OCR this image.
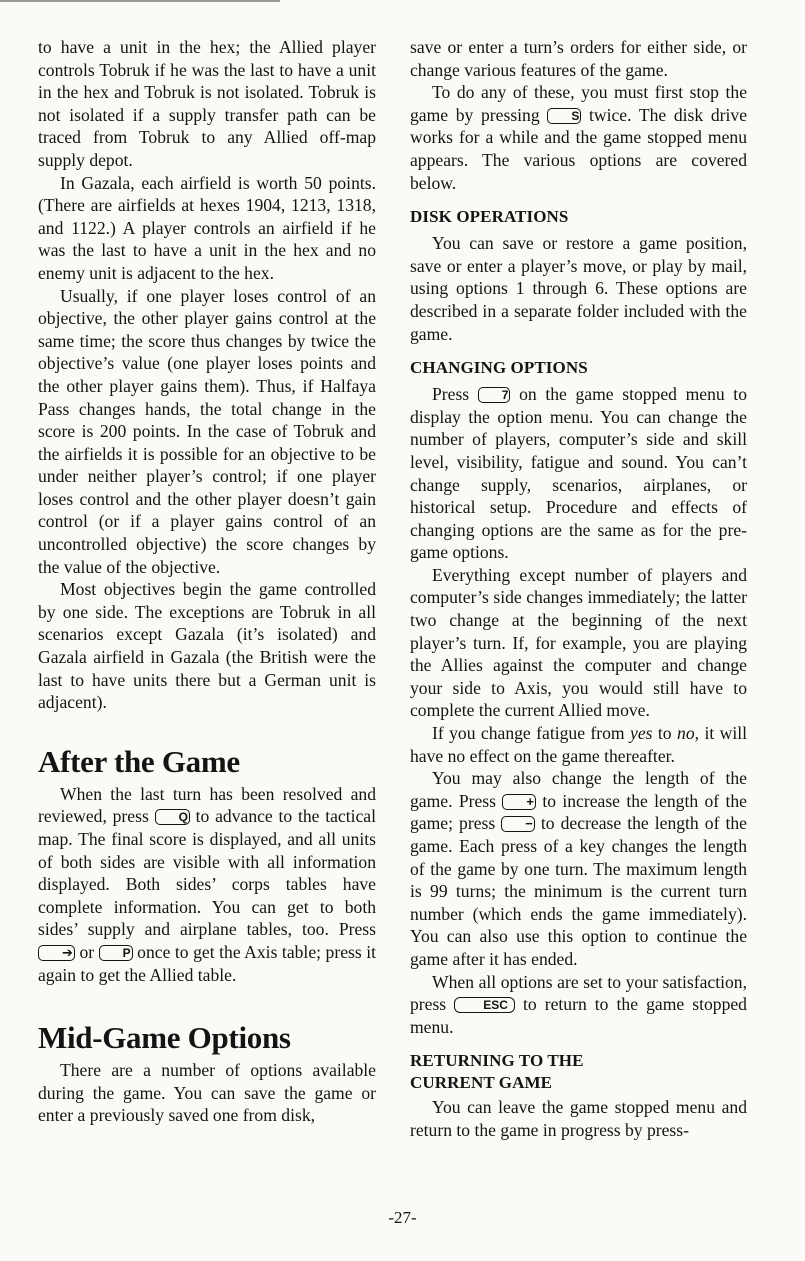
to have a unit in the hex; the Allied player controls Tobruk if he was the last to have a unit in the hex and Tobruk is not isolated. Tobruk is not isolated if a supply transfer path can be traced from Tobruk to any Allied off-map supply depot.

In Gazala, each airfield is worth 50 points. (There are airfields at hexes 1904, 1213, 1318, and 1122.) A player controls an airfield if he was the last to have a unit in the hex and no enemy unit is adjacent to the hex.

Usually, if one player loses control of an objective, the other player gains control at the same time; the score thus changes by twice the objective’s value (one player loses points and the other player gains them). Thus, if Halfaya Pass changes hands, the total change in the score is 200 points. In the case of Tobruk and the airfields it is possible for an objective to be under neither player’s control; if one player loses control and the other player doesn’t gain control (or if a player gains control of an uncontrolled objective) the score changes by the value of the objective.

Most objectives begin the game controlled by one side. The exceptions are Tobruk in all scenarios except Gazala (it’s isolated) and Gazala airfield in Gazala (the British were the last to have units there but a German unit is adjacent).

After the Game

When the last turn has been resolved and reviewed, press Q to advance to the tactical map. The final score is displayed, and all units of both sides are visible with all information displayed. Both sides’ corps tables have complete information. You can get to both sides’ supply and airplane tables, too. Press ➔ or P once to get the Axis table; press it again to get the Allied table.

Mid-Game Options

There are a number of options available during the game. You can save the game or enter a previously saved one from disk,

save or enter a turn’s orders for either side, or change various features of the game.

To do any of these, you must first stop the game by pressing	S twice. The disk drive works for a while and the game stopped menu appears. The various options are covered below.

DISK OPERATIONS

You can save or restore a game position, save or enter a player’s move, or play by mail, using options 1 through 6. These options are described in a separate folder included with the game.

CHANGING OPTIONS

Press	7 on the game stopped menu to display the option menu. You can change the number of players, computer’s side and skill level, visibility, fatigue and sound. You can’t change supply, scenarios, airplanes, or historical setup. Procedure and effects of changing options are the same as for the pre-game options.

Everything except number of players and computer’s side changes immediately; the latter two change at the beginning of the next player’s turn. If, for example, you are playing the Allies against the computer and change your side to Axis, you would still have to complete the current Allied move.

If you change fatigue from yes to no, it will have no effect on the game thereafter.

You may also change the length of the game. Press + to increase the length of the game; press − to decrease the length of the game. Each press of a key changes the length of the game by one turn. The maximum length is 99 turns; the minimum is the current turn number (which ends the game immediately). You can also use this option to continue the game after it has ended.

When all options are set to your satisfaction, press	ESC to return to the game stopped menu.

RETURNING TO THE
CURRENT GAME

You can leave the game stopped menu and return to the game in progress by press-

-27-
